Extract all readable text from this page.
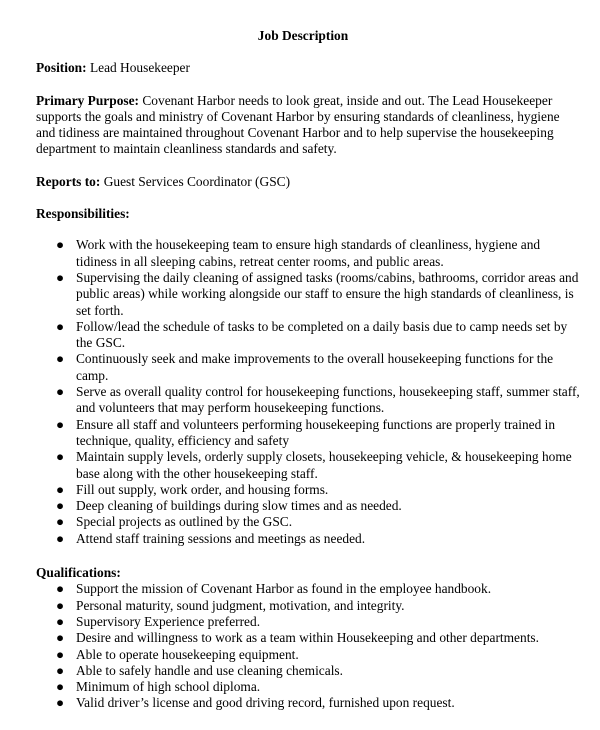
Job Description

Position: Lead Housekeeper

Primary Purpose: Covenant Harbor needs to look great, inside and out. The Lead Housekeeper supports the goals and ministry of Covenant Harbor by ensuring standards of cleanliness, hygiene and tidiness are maintained throughout Covenant Harbor and to help supervise the housekeeping department to maintain cleanliness standards and safety.

Reports to: Guest Services Coordinator (GSC)

Responsibilities:

● Work with the housekeeping team to ensure high standards of cleanliness, hygiene and tidiness in all sleeping cabins, retreat center rooms, and public areas.
● Supervising the daily cleaning of assigned tasks (rooms/cabins, bathrooms, corridor areas and public areas) while working alongside our staff to ensure the high standards of cleanliness, is set forth.
● Follow/lead the schedule of tasks to be completed on a daily basis due to camp needs set by the GSC.
● Continuously seek and make improvements to the overall housekeeping functions for the camp.
● Serve as overall quality control for housekeeping functions, housekeeping staff, summer staff, and volunteers that may perform housekeeping functions.
● Ensure all staff and volunteers performing housekeeping functions are properly trained in technique, quality, efficiency and safety
● Maintain supply levels, orderly supply closets, housekeeping vehicle, & housekeeping home base along with the other housekeeping staff.
● Fill out supply, work order, and housing forms.
● Deep cleaning of buildings during slow times and as needed.
● Special projects as outlined by the GSC.
● Attend staff training sessions and meetings as needed.

Qualifications:

● Support the mission of Covenant Harbor as found in the employee handbook.
● Personal maturity, sound judgment, motivation, and integrity.
● Supervisory Experience preferred.
● Desire and willingness to work as a team within Housekeeping and other departments.
● Able to operate housekeeping equipment.
● Able to safely handle and use cleaning chemicals.
● Minimum of high school diploma.
● Valid driver’s license and good driving record, furnished upon request.
